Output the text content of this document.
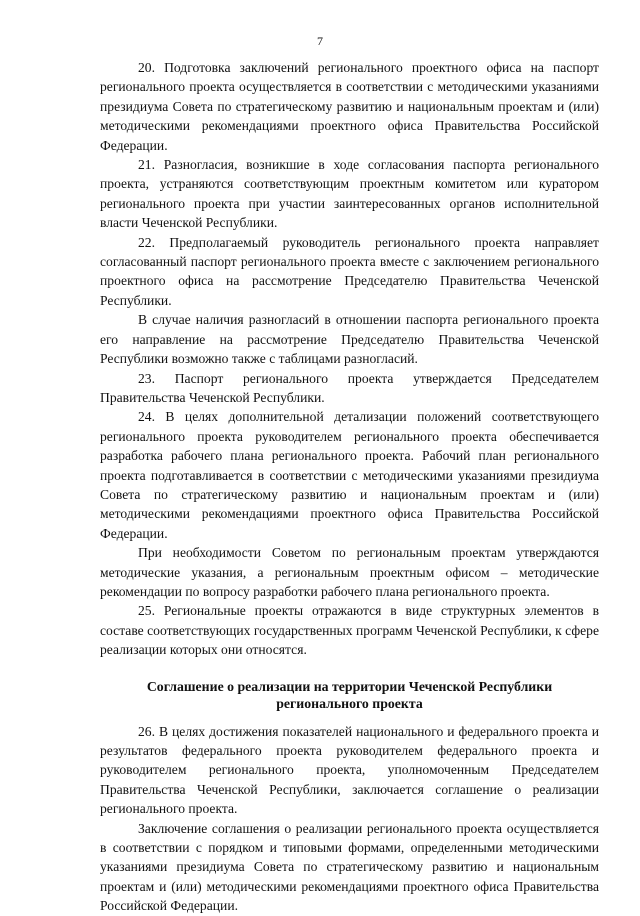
7

20. Подготовка заключений регионального проектного офиса на паспорт регионального проекта осуществляется в соответствии с методическими указаниями президиума Совета по стратегическому развитию и национальным проектам и (или) методическими рекомендациями проектного офиса Правительства Российской Федерации.

21. Разногласия, возникшие в ходе согласования паспорта регионального проекта, устраняются соответствующим проектным комитетом или куратором регионального проекта при участии заинтересованных органов исполнительной власти Чеченской Республики.

22. Предполагаемый руководитель регионального проекта направляет согласованный паспорт регионального проекта вместе с заключением регионального проектного офиса на рассмотрение Председателю Правительства Чеченской Республики.

В случае наличия разногласий в отношении паспорта регионального проекта его направление на рассмотрение Председателю Правительства Чеченской Республики возможно также с таблицами разногласий.

23. Паспорт регионального проекта утверждается Председателем Правительства Чеченской Республики.

24. В целях дополнительной детализации положений соответствующего регионального проекта руководителем регионального проекта обеспечивается разработка рабочего плана регионального проекта. Рабочий план регионального проекта подготавливается в соответствии с методическими указаниями президиума Совета по стратегическому развитию и национальным проектам и (или) методическими рекомендациями проектного офиса Правительства Российской Федерации.

При необходимости Советом по региональным проектам утверждаются методические указания, а региональным проектным офисом – методические рекомендации по вопросу разработки рабочего плана регионального проекта.

25. Региональные проекты отражаются в виде структурных элементов в составе соответствующих государственных программ Чеченской Республики, к сфере реализации которых они относятся.

Соглашение о реализации на территории Чеченской Республики регионального проекта

26. В целях достижения показателей национального и федерального проекта и результатов федерального проекта руководителем федерального проекта и руководителем регионального проекта, уполномоченным Председателем Правительства Чеченской Республики, заключается соглашение о реализации регионального проекта.

Заключение соглашения о реализации регионального проекта осуществляется в соответствии с порядком и типовыми формами, определенными методическими указаниями президиума Совета по стратегическому развитию и национальным проектам и (или) методическими рекомендациями проектного офиса Правительства Российской Федерации.
